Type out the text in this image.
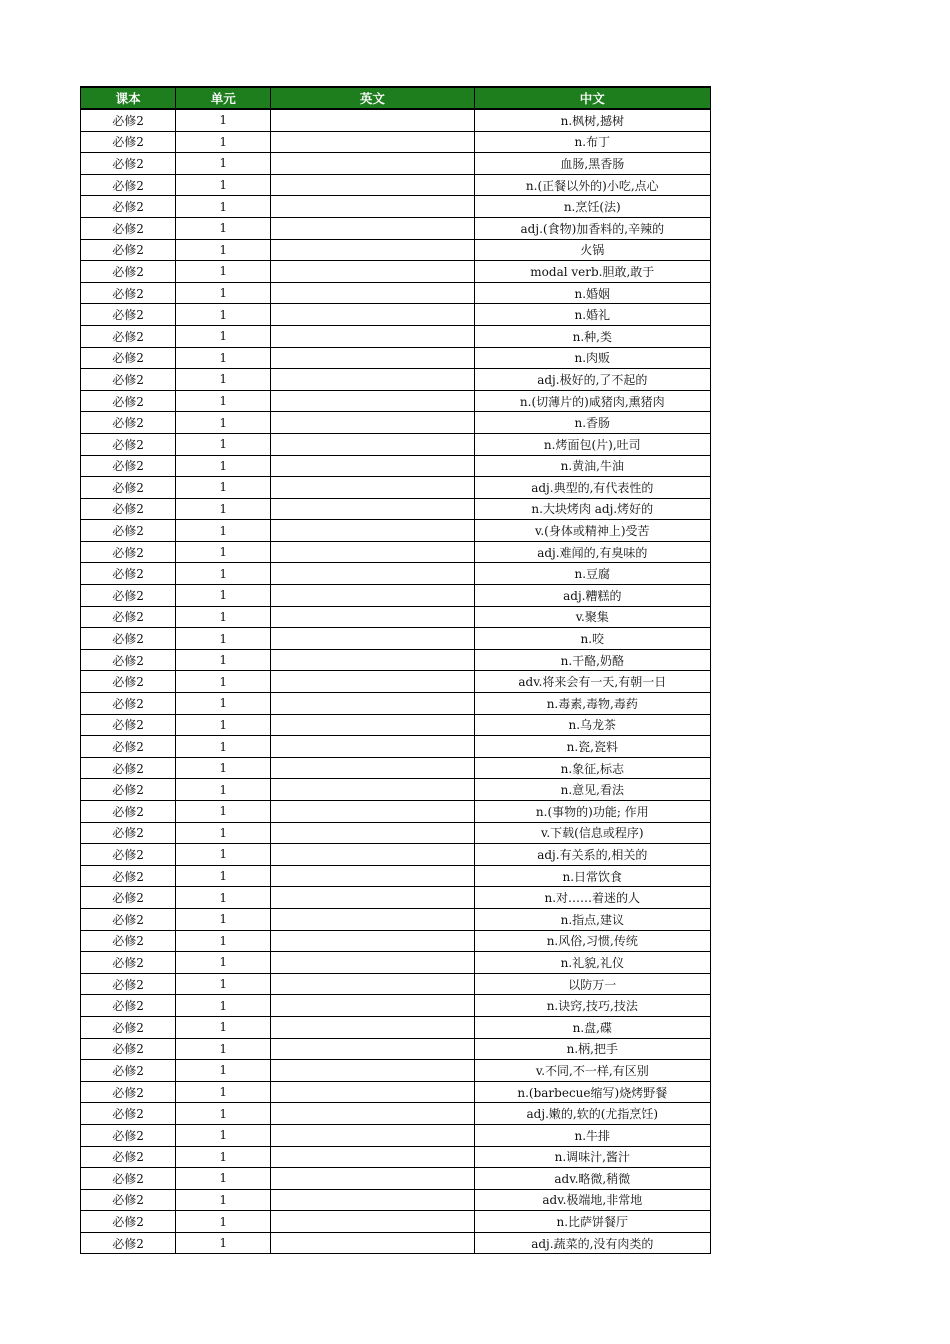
课本	单元	英文	中文
必修2	1		n.枫树,撼树
必修2	1		n.布丁
必修2	1		血肠,黑香肠
必修2	1		n.(正餐以外的)小吃,点心
必修2	1		n.烹饪(法)
必修2	1		adj.(食物)加香料的,辛辣的
必修2	1		火锅
必修2	1		modal verb.胆敢,敢于
必修2	1		n.婚姻
必修2	1		n.婚礼
必修2	1		n.种,类
必修2	1		n.肉贩
必修2	1		adj.极好的,了不起的
必修2	1		n.(切薄片的)咸猪肉,熏猪肉
必修2	1		n.香肠
必修2	1		n.烤面包(片),吐司
必修2	1		n.黄油,牛油
必修2	1		adj.典型的,有代表性的
必修2	1		n.大块烤肉 adj.烤好的
必修2	1		v.(身体或精神上)受苦
必修2	1		adj.难闻的,有臭味的
必修2	1		n.豆腐
必修2	1		adj.糟糕的
必修2	1		v.聚集
必修2	1		n.咬
必修2	1		n.干酪,奶酪
必修2	1		adv.将来会有一天,有朝一日
必修2	1		n.毒素,毒物,毒药
必修2	1		n.乌龙茶
必修2	1		n.瓷,瓷料
必修2	1		n.象征,标志
必修2	1		n.意见,看法
必修2	1		n.(事物的)功能; 作用
必修2	1		v.下载(信息或程序)
必修2	1		adj.有关系的,相关的
必修2	1		n.日常饮食
必修2	1		n.对……着迷的人
必修2	1		n.指点,建议
必修2	1		n.风俗,习惯,传统
必修2	1		n.礼貌,礼仪
必修2	1		以防万一
必修2	1		n.诀窍,技巧,技法
必修2	1		n.盘,碟
必修2	1		n.柄,把手
必修2	1		v.不同,不一样,有区别
必修2	1		n.(barbecue缩写)烧烤野餐
必修2	1		adj.嫩的,软的(尤指烹饪)
必修2	1		n.牛排
必修2	1		n.调味汁,酱汁
必修2	1		adv.略微,稍微
必修2	1		adv.极端地,非常地
必修2	1		n.比萨饼餐厅
必修2	1		adj.蔬菜的,没有肉类的
